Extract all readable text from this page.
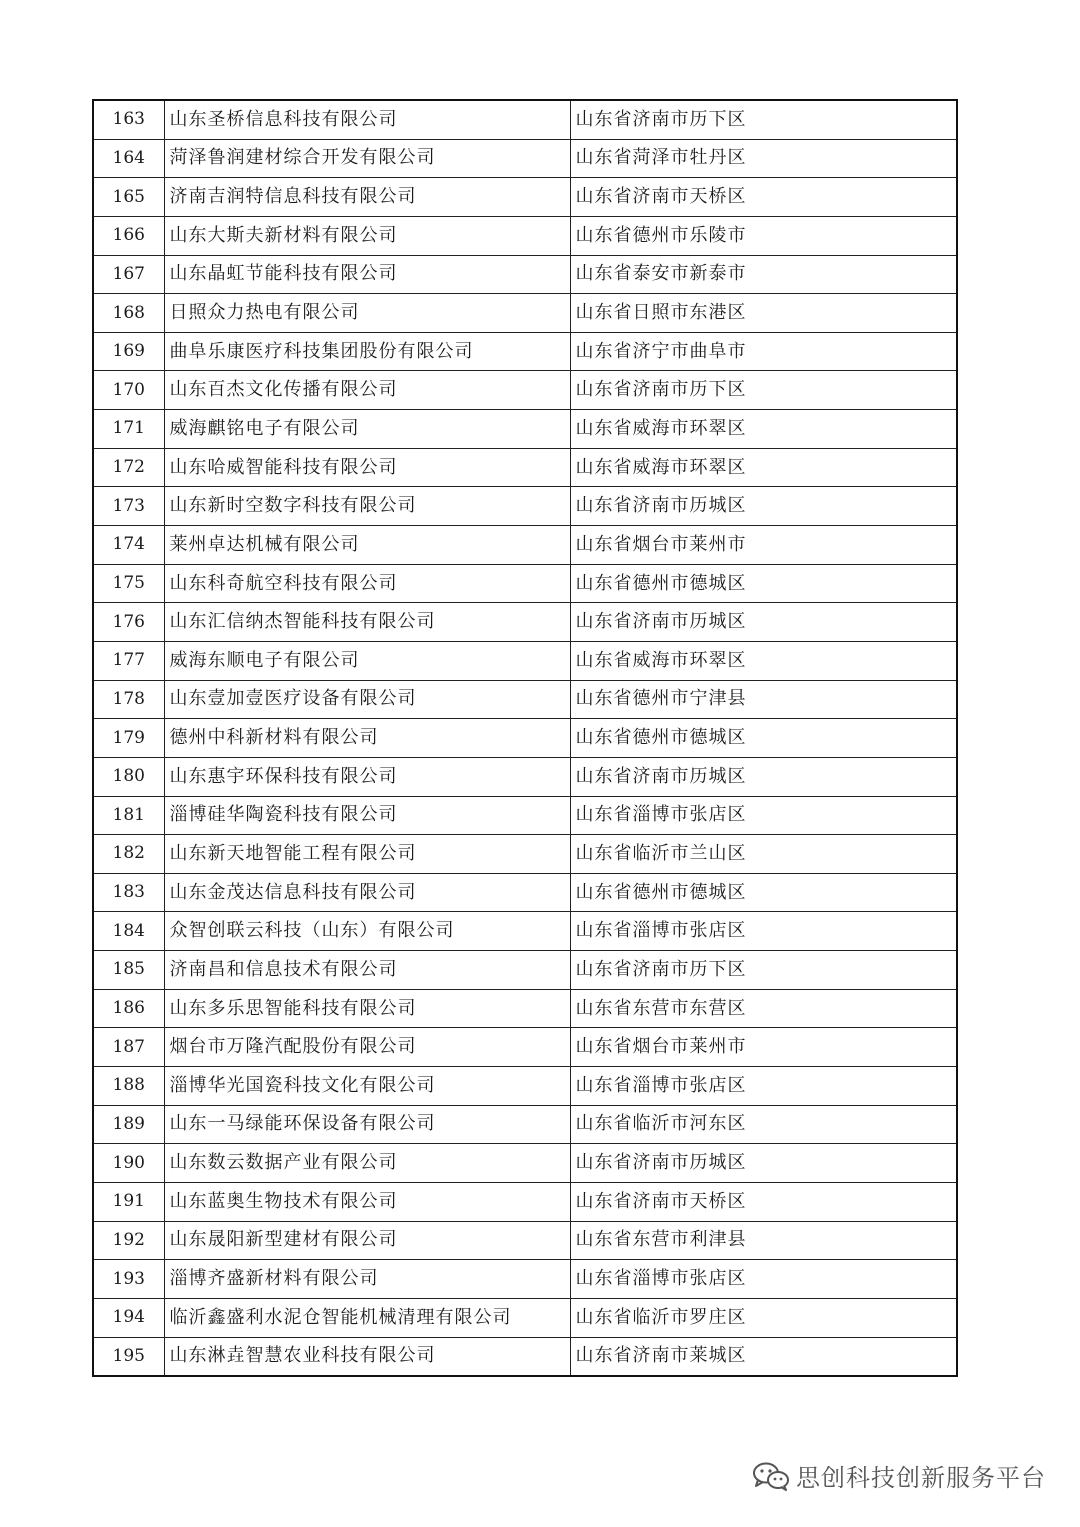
163	山东圣桥信息科技有限公司	山东省济南市历下区
164	菏泽鲁润建材综合开发有限公司	山东省菏泽市牡丹区
165	济南吉润特信息科技有限公司	山东省济南市天桥区
166	山东大斯夫新材料有限公司	山东省德州市乐陵市
167	山东晶虹节能科技有限公司	山东省泰安市新泰市
168	日照众力热电有限公司	山东省日照市东港区
169	曲阜乐康医疗科技集团股份有限公司	山东省济宁市曲阜市
170	山东百杰文化传播有限公司	山东省济南市历下区
171	威海麒铭电子有限公司	山东省威海市环翠区
172	山东哈威智能科技有限公司	山东省威海市环翠区
173	山东新时空数字科技有限公司	山东省济南市历城区
174	莱州卓达机械有限公司	山东省烟台市莱州市
175	山东科奇航空科技有限公司	山东省德州市德城区
176	山东汇信纳杰智能科技有限公司	山东省济南市历城区
177	威海东顺电子有限公司	山东省威海市环翠区
178	山东壹加壹医疗设备有限公司	山东省德州市宁津县
179	德州中科新材料有限公司	山东省德州市德城区
180	山东惠宇环保科技有限公司	山东省济南市历城区
181	淄博硅华陶瓷科技有限公司	山东省淄博市张店区
182	山东新天地智能工程有限公司	山东省临沂市兰山区
183	山东金茂达信息科技有限公司	山东省德州市德城区
184	众智创联云科技（山东）有限公司	山东省淄博市张店区
185	济南昌和信息技术有限公司	山东省济南市历下区
186	山东多乐思智能科技有限公司	山东省东营市东营区
187	烟台市万隆汽配股份有限公司	山东省烟台市莱州市
188	淄博华光国瓷科技文化有限公司	山东省淄博市张店区
189	山东一马绿能环保设备有限公司	山东省临沂市河东区
190	山东数云数据产业有限公司	山东省济南市历城区
191	山东蓝奥生物技术有限公司	山东省济南市天桥区
192	山东晟阳新型建材有限公司	山东省东营市利津县
193	淄博齐盛新材料有限公司	山东省淄博市张店区
194	临沂鑫盛利水泥仓智能机械清理有限公司	山东省临沂市罗庄区
195	山东淋垚智慧农业科技有限公司	山东省济南市莱城区
思创科技创新服务平台
